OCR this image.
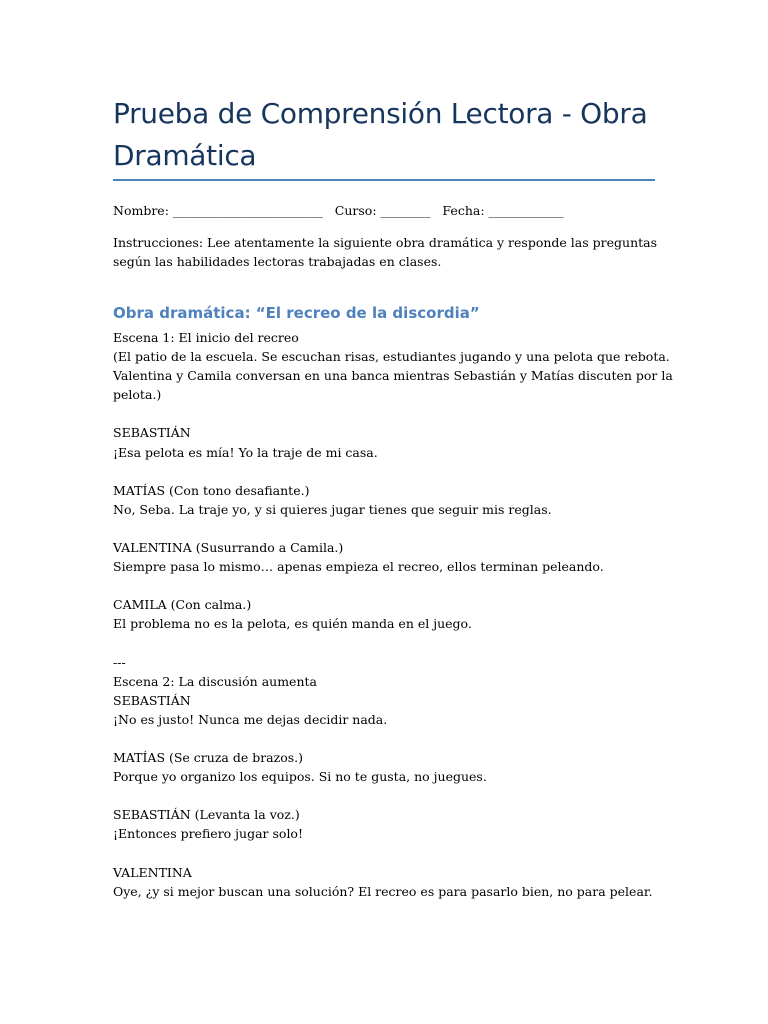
Prueba de Comprensión Lectora - Obra Dramática
Nombre: ________________________   Curso: ________   Fecha: ____________

Instrucciones: Lee atentamente la siguiente obra dramática y responde las preguntas según las habilidades lectoras trabajadas en clases.

Obra dramática: “El recreo de la discordia”

Escena 1: El inicio del recreo

(El patio de la escuela. Se escuchan risas, estudiantes jugando y una pelota que rebota. Valentina y Camila conversan en una banca mientras Sebastián y Matías discuten por la pelota.)

SEBASTIÁN

¡Esa pelota es mía! Yo la traje de mi casa.

MATÍAS (Con tono desafiante.)

No, Seba. La traje yo, y si quieres jugar tienes que seguir mis reglas.

VALENTINA (Susurrando a Camila.)

Siempre pasa lo mismo… apenas empieza el recreo, ellos terminan peleando.

CAMILA (Con calma.)

El problema no es la pelota, es quién manda en el juego.

---

Escena 2: La discusión aumenta

SEBASTIÁN

¡No es justo! Nunca me dejas decidir nada.

MATÍAS (Se cruza de brazos.)

Porque yo organizo los equipos. Si no te gusta, no juegues.

SEBASTIÁN (Levanta la voz.)

¡Entonces prefiero jugar solo!

VALENTINA

Oye, ¿y si mejor buscan una solución? El recreo es para pasarlo bien, no para pelear.
